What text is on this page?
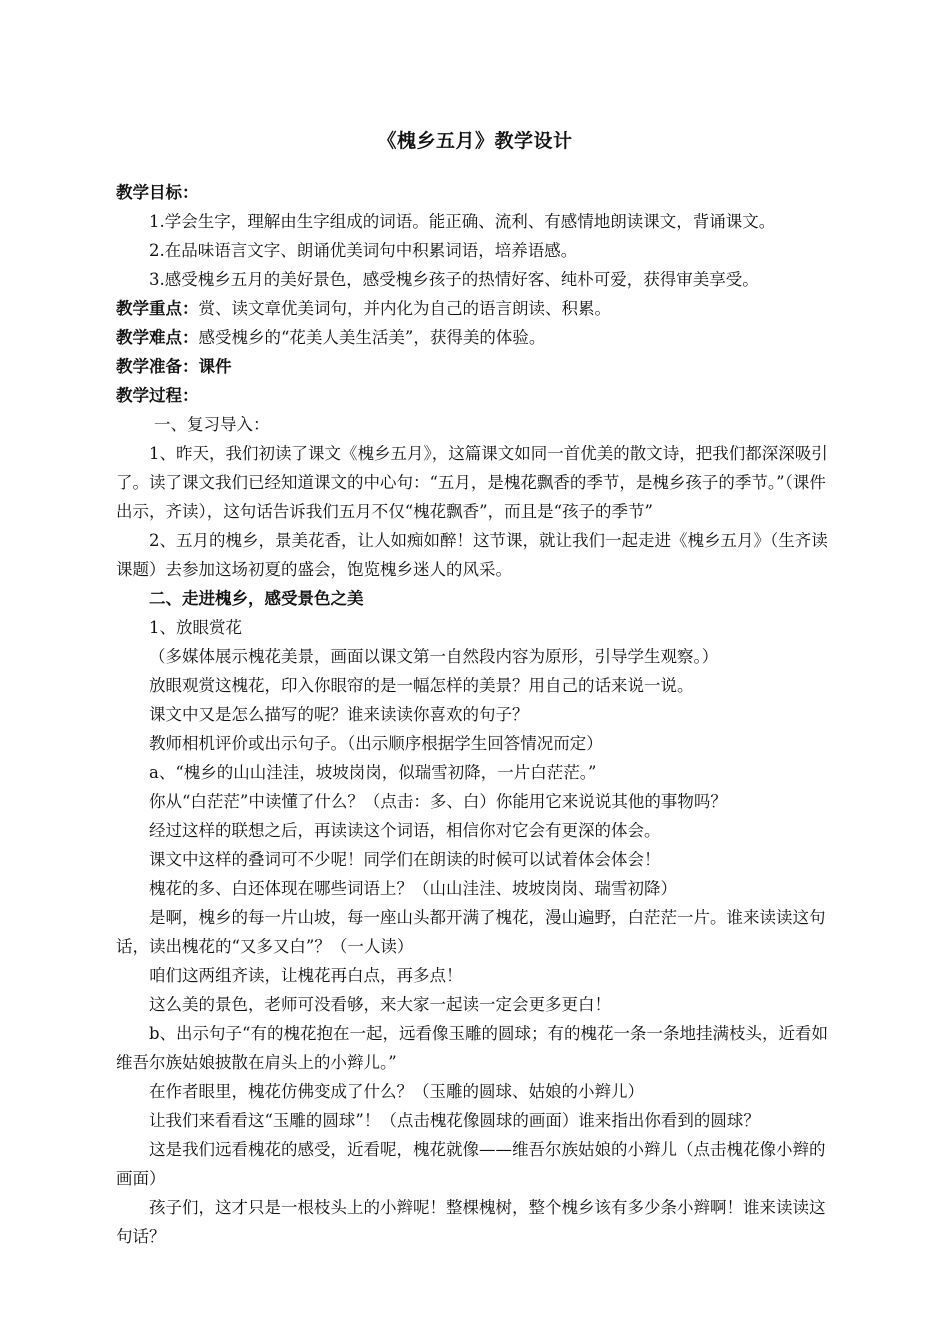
《槐乡五月》教学设计

教学目标：

1.学会生字，理解由生字组成的词语。能正确、流利、有感情地朗读课文，背诵课文。

2.在品味语言文字、朗诵优美词句中积累词语，培养语感。

3.感受槐乡五月的美好景色，感受槐乡孩子的热情好客、纯朴可爱，获得审美享受。

教学重点：赏、读文章优美词句，并内化为自己的语言朗读、积累。

教学难点：感受槐乡的“花美人美生活美”，获得美的体验。

教学准备：课件

教学过程：

一、复习导入：

1、昨天，我们初读了课文《槐乡五月》，这篇课文如同一首优美的散文诗，把我们都深深吸引了。读了课文我们已经知道课文的中心句：“五月，是槐花飘香的季节，是槐乡孩子的季节。”（课件出示，齐读），这句话告诉我们五月不仅“槐花飘香”，而且是“孩子的季节”

2、五月的槐乡，景美花香，让人如痴如醉！这节课，就让我们一起走进《槐乡五月》（生齐读课题）去参加这场初夏的盛会，饱览槐乡迷人的风采。

二、走进槐乡，感受景色之美

1、放眼赏花

（多媒体展示槐花美景，画面以课文第一自然段内容为原形，引导学生观察。）

放眼观赏这槐花，印入你眼帘的是一幅怎样的美景？用自己的话来说一说。

课文中又是怎么描写的呢？谁来读读你喜欢的句子？

教师相机评价或出示句子。（出示顺序根据学生回答情况而定）

a、“槐乡的山山洼洼，坡坡岗岗，似瑞雪初降，一片白茫茫。”

你从“白茫茫”中读懂了什么？（点击：多、白）你能用它来说说其他的事物吗？

经过这样的联想之后，再读读这个词语，相信你对它会有更深的体会。

课文中这样的叠词可不少呢！同学们在朗读的时候可以试着体会体会！

槐花的多、白还体现在哪些词语上？（山山洼洼、坡坡岗岗、瑞雪初降）

是啊，槐乡的每一片山坡，每一座山头都开满了槐花，漫山遍野，白茫茫一片。谁来读读这句话，读出槐花的“又多又白”？（一人读）

咱们这两组齐读，让槐花再白点，再多点！

这么美的景色，老师可没看够，来大家一起读一定会更多更白！

b、出示句子“有的槐花抱在一起，远看像玉雕的圆球；有的槐花一条一条地挂满枝头，近看如维吾尔族姑娘披散在肩头上的小辫儿。”

在作者眼里，槐花仿佛变成了什么？（玉雕的圆球、姑娘的小辫儿）

让我们来看看这“玉雕的圆球”！（点击槐花像圆球的画面）谁来指出你看到的圆球？

这是我们远看槐花的感受，近看呢，槐花就像——维吾尔族姑娘的小辫儿（点击槐花像小辫的画面）

孩子们，这才只是一根枝头上的小辫呢！整棵槐树，整个槐乡该有多少条小辫啊！谁来读读这句话？
